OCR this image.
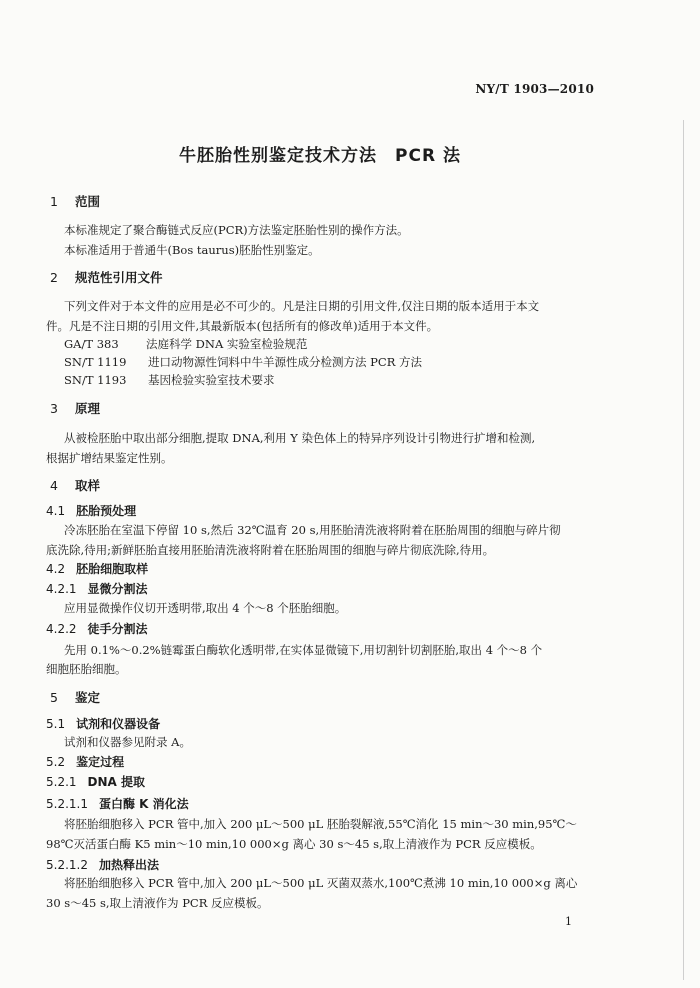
NY/T 1903—2010
牛胚胎性别鉴定技术方法　PCR 法
1 范围
本标准规定了聚合酶链式反应(PCR)方法鉴定胚胎性别的操作方法。
本标准适用于普通牛(Bos taurus)胚胎性别鉴定。
2 规范性引用文件
下列文件对于本文件的应用是必不可少的。凡是注日期的引用文件,仅注日期的版本适用于本文
件。凡是不注日期的引用文件,其最新版本(包括所有的修改单)适用于本文件。
GA/T 383 法庭科学 DNA 实验室检验规范
SN/T 1119 进口动物源性饲料中牛羊源性成分检测方法 PCR 方法
SN/T 1193 基因检验实验室技术要求
3 原理
从被检胚胎中取出部分细胞,提取 DNA,利用 Y 染色体上的特异序列设计引物进行扩增和检测,
根据扩增结果鉴定性别。
4 取样
4.1 胚胎预处理
冷冻胚胎在室温下停留 10 s,然后 32℃温育 20 s,用胚胎清洗液将附着在胚胎周围的细胞与碎片彻
底洗除,待用;新鲜胚胎直接用胚胎清洗液将附着在胚胎周围的细胞与碎片彻底洗除,待用。
4.2 胚胎细胞取样
4.2.1 显微分割法
应用显微操作仪切开透明带,取出 4 个～8 个胚胎细胞。
4.2.2 徒手分割法
先用 0.1%～0.2%链霉蛋白酶软化透明带,在实体显微镜下,用切割针切割胚胎,取出 4 个～8 个
细胞胚胎细胞。
5 鉴定
5.1 试剂和仪器设备
试剂和仪器参见附录 A。
5.2 鉴定过程
5.2.1 DNA 提取
5.2.1.1 蛋白酶 K 消化法
将胚胎细胞移入 PCR 管中,加入 200 μL～500 μL 胚胎裂解液,55℃消化 15 min～30 min,95℃～
98℃灭活蛋白酶 K5 min～10 min,10 000×g 离心 30 s～45 s,取上清液作为 PCR 反应模板。
5.2.1.2 加热释出法
将胚胎细胞移入 PCR 管中,加入 200 μL～500 μL 灭菌双蒸水,100℃煮沸 10 min,10 000×g 离心
30 s～45 s,取上清液作为 PCR 反应模板。
1
